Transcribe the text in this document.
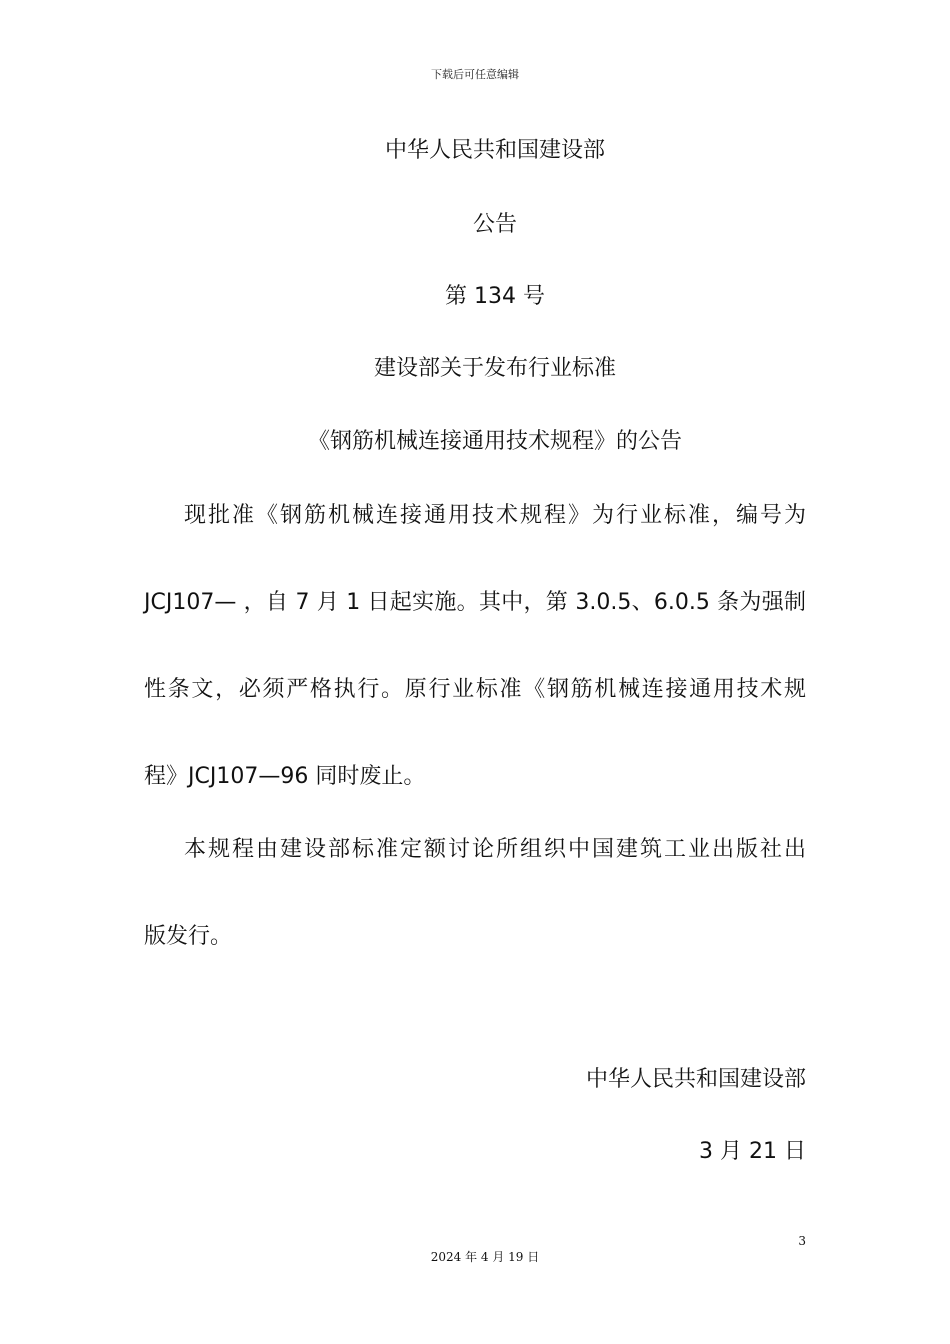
下载后可任意编辑
中华人民共和国建设部
公告
第 134 号
建设部关于发布行业标准
《钢筋机械连接通用技术规程》的公告
现批准《钢筋机械连接通用技术规程》为行业标准，编号为
JCJ107— ，自 7 月 1 日起实施。其中，第 3.0.5、6.0.5 条为强制
性条文，必须严格执行。原行业标准《钢筋机械连接通用技术规
程》JCJ107—96 同时废止。
本规程由建设部标准定额讨论所组织中国建筑工业出版社出
版发行。
中华人民共和国建设部
3 月 21 日
3
2024 年 4 月 19 日
